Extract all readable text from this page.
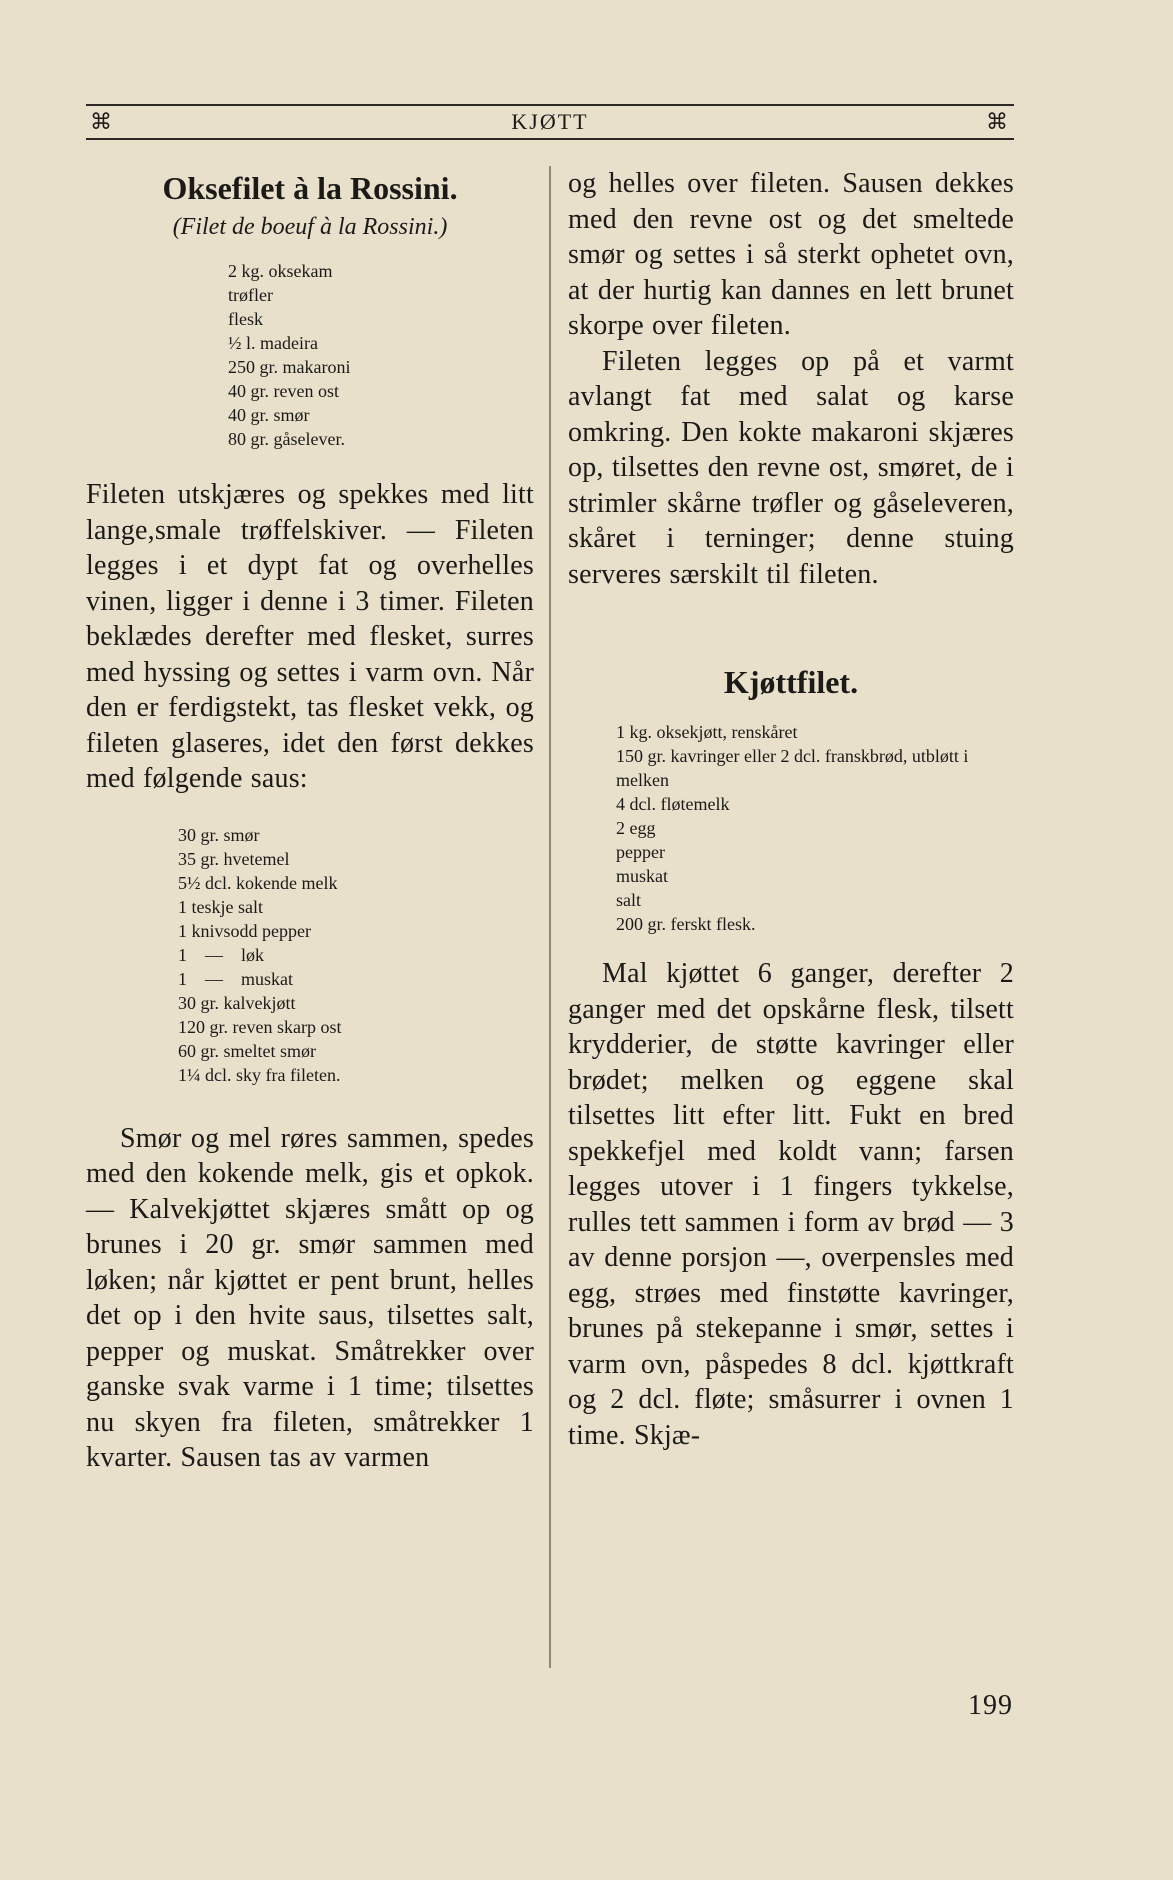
⌘	KJØTT	⌘
Oksefilet à la Rossini.
(Filet de boeuf à la Rossini.)
2 kg. oksekam
trøfler
flesk
½ l. madeira
250 gr. makaroni
40 gr. reven ost
40 gr. smør
80 gr. gåselever.

Fileten utskjæres og spekkes med litt lange,smale trøffelskiver. — Fileten legges i et dypt fat og overhelles vinen, ligger i denne i 3 timer. Fileten beklædes derefter med flesket, surres med hyssing og settes i varm ovn. Når den er ferdigstekt, tas flesket vekk, og fileten glaseres, idet den først dekkes med følgende saus:

30 gr. smør
35 gr. hvetemel
5½ dcl. kokende melk
1 teskje salt
1 knivsodd pepper
1    —    løk
1    —    muskat
30 gr. kalvekjøtt
120 gr. reven skarp ost
60 gr. smeltet smør
1¼ dcl. sky fra fileten.

Smør og mel røres sammen, spedes med den kokende melk, gis et opkok. — Kalvekjøttet skjæres smått op og brunes i 20 gr. smør sammen med løken; når kjøttet er pent brunt, helles det op i den hvite saus, tilsettes salt, pepper og muskat. Småtrekker over ganske svak varme i 1 time; tilsettes nu skyen fra fileten, småtrekker 1 kvarter. Sausen tas av varmen

og helles over fileten. Sausen dekkes med den revne ost og det smeltede smør og settes i så sterkt ophetet ovn, at der hurtig kan dannes en lett brunet skorpe over fileten.

Fileten legges op på et varmt avlangt fat med salat og karse omkring. Den kokte makaroni skjæres op, tilsettes den revne ost, smøret, de i strimler skårne trøfler og gåseleveren, skåret i terninger; denne stuing serveres særskilt til fileten.

Kjøttfilet.
1 kg. oksekjøtt, renskåret
150 gr. kavringer eller 2 dcl. franskbrød, utbløtt i melken
4 dcl. fløtemelk
2 egg
pepper
muskat
salt
200 gr. ferskt flesk.

Mal kjøttet 6 ganger, derefter 2 ganger med det opskårne flesk, tilsett krydderier, de støtte kavringer eller brødet; melken og eggene skal tilsettes litt efter litt. Fukt en bred spekkefjel med koldt vann; farsen legges utover i 1 fingers tykkelse, rulles tett sammen i form av brød — 3 av denne porsjon —, overpensles med egg, strøes med finstøtte kavringer, brunes på stekepanne i smør, settes i varm ovn, påspedes 8 dcl. kjøttkraft og 2 dcl. fløte; småsurrer i ovnen 1 time. Skjæ-

199
